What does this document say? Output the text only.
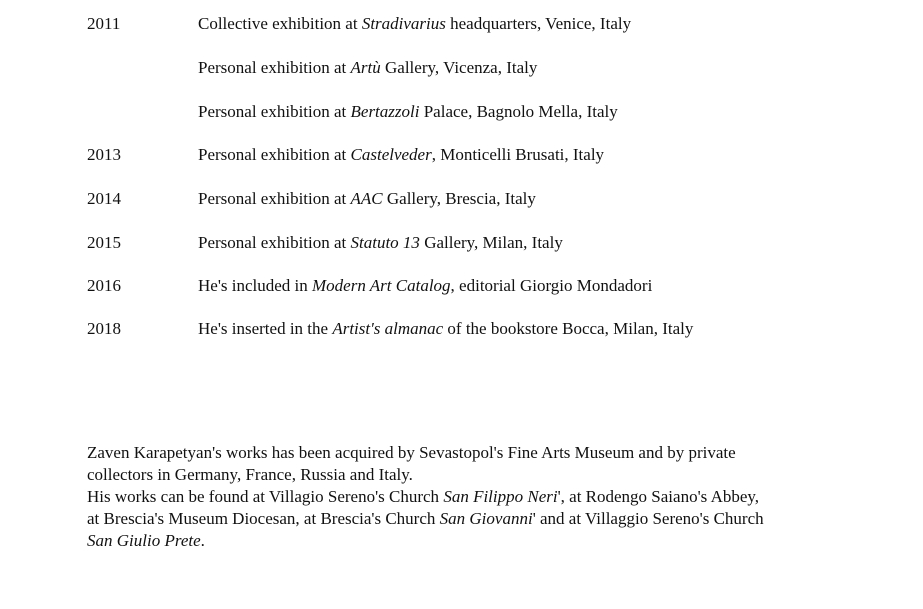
2011	Collective exhibition at Stradivarius headquarters, Venice, Italy
Personal exhibition at Artù Gallery, Vicenza, Italy
Personal exhibition at Bertazzoli Palace, Bagnolo Mella, Italy
2013	Personal exhibition at Castelveder, Monticelli Brusati, Italy
2014	Personal exhibition at AAC Gallery, Brescia, Italy
2015	Personal exhibition at Statuto 13 Gallery, Milan, Italy
2016	He's included in Modern Art Catalog, editorial Giorgio Mondadori
2018	He's inserted in the Artist's almanac of the bookstore Bocca, Milan, Italy
Zaven Karapetyan's works has been acquired by Sevastopol's Fine Arts Museum and by private
collectors in Germany, France, Russia and Italy.
His works can be found at Villagio Sereno's Church San Filippo Neri', at Rodengo Saiano's Abbey,
at Brescia's Museum Diocesan, at Brescia's Church San Giovanni' and at Villaggio Sereno's Church
San Giulio Prete.
